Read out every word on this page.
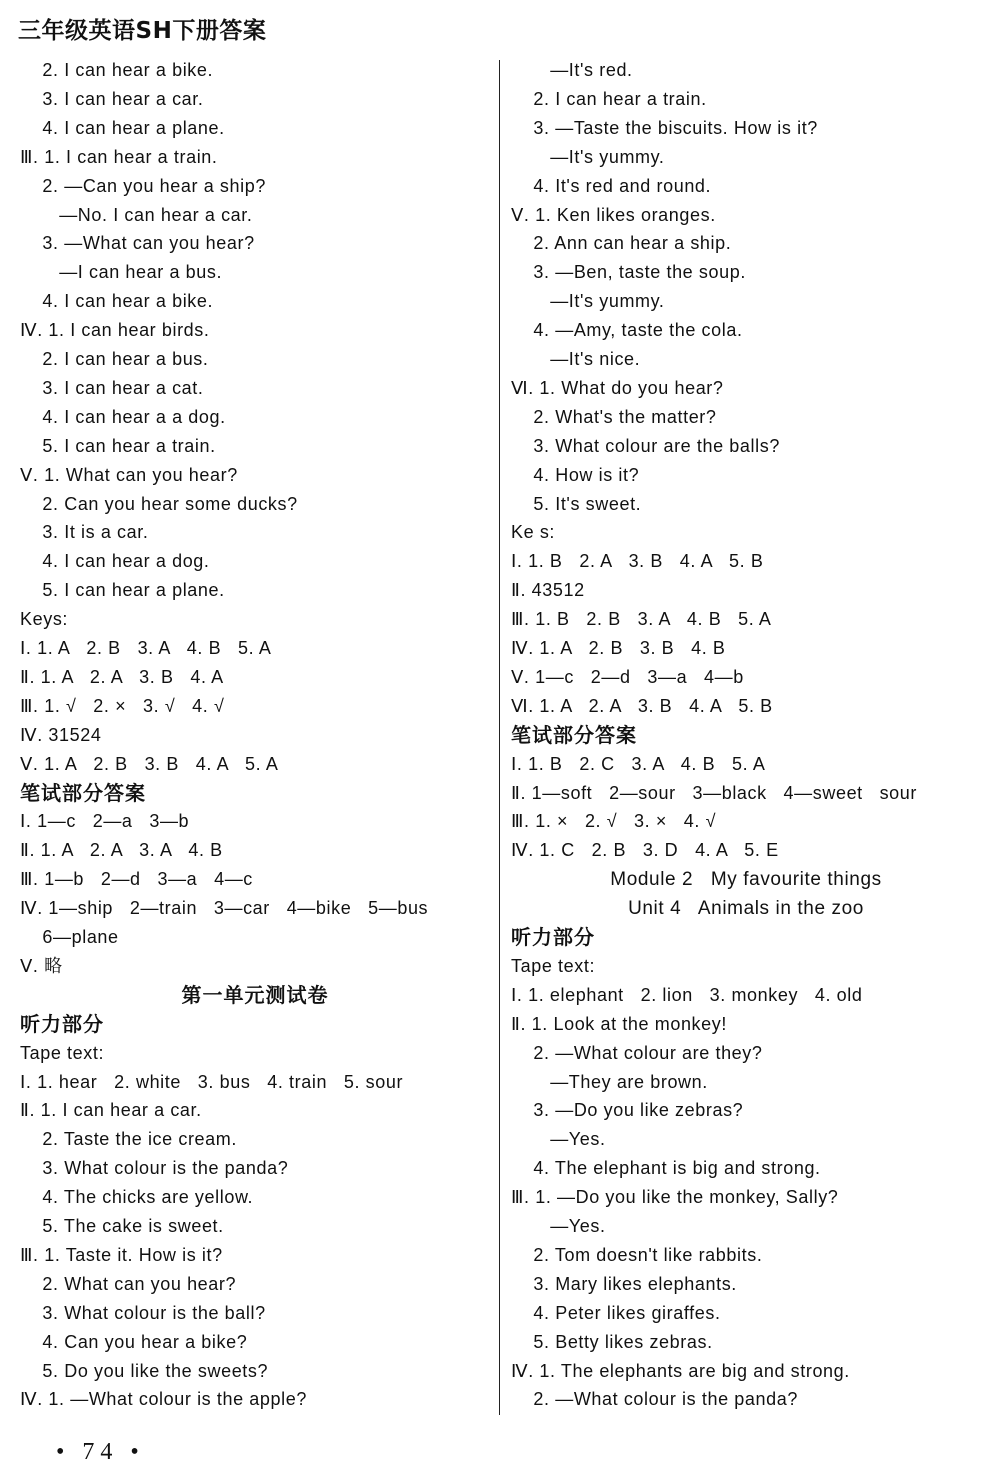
三年级英语SH下册答案
2. I can hear a bike.
3. I can hear a car.
4. I can hear a plane.
Ⅲ. 1. I can hear a train.
2. —Can you hear a ship?
—No. I can hear a car.
3. —What can you hear?
—I can hear a bus.
4. I can hear a bike.
Ⅳ. 1. I can hear birds.
2. I can hear a bus.
3. I can hear a cat.
4. I can hear a a dog.
5. I can hear a train.
Ⅴ. 1. What can you hear?
2. Can you hear some ducks?
3. It is a car.
4. I can hear a dog.
5. I can hear a plane.
Keys:
Ⅰ. 1. A   2. B   3. A   4. B   5. A
Ⅱ. 1. A   2. A   3. B   4. A
Ⅲ. 1. √   2. ×   3. √   4. √
Ⅳ. 31524
Ⅴ. 1. A   2. B   3. B   4. A   5. A
笔试部分答案
Ⅰ. 1—c   2—a   3—b
Ⅱ. 1. A   2. A   3. A   4. B
Ⅲ. 1—b   2—d   3—a   4—c
Ⅳ. 1—ship   2—train   3—car   4—bike   5—bus
6—plane
Ⅴ. 略
第一单元测试卷
听力部分
Tape text:
Ⅰ. 1. hear   2. white   3. bus   4. train   5. sour
Ⅱ. 1. I can hear a car.
2. Taste the ice cream.
3. What colour is the panda?
4. The chicks are yellow.
5. The cake is sweet.
Ⅲ. 1. Taste it. How is it?
2. What can you hear?
3. What colour is the ball?
4. Can you hear a bike?
5. Do you like the sweets?
Ⅳ. 1. —What colour is the apple?
—It's red.
2. I can hear a train.
3. —Taste the biscuits. How is it?
—It's yummy.
4. It's red and round.
Ⅴ. 1. Ken likes oranges.
2. Ann can hear a ship.
3. —Ben, taste the soup.
—It's yummy.
4. —Amy, taste the cola.
—It's nice.
Ⅵ. 1. What do you hear?
2. What's the matter?
3. What colour are the balls?
4. How is it?
5. It's sweet.
Ke s:
Ⅰ. 1. B   2. A   3. B   4. A   5. B
Ⅱ. 43512
Ⅲ. 1. B   2. B   3. A   4. B   5. A
Ⅳ. 1. A   2. B   3. B   4. B
Ⅴ. 1—c   2—d   3—a   4—b
Ⅵ. 1. A   2. A   3. B   4. A   5. B
笔试部分答案
Ⅰ. 1. B   2. C   3. A   4. B   5. A
Ⅱ. 1—soft   2—sour   3—black   4—sweet   sour
Ⅲ. 1. ×   2. √   3. ×   4. √
Ⅳ. 1. C   2. B   3. D   4. A   5. E
Module 2   My favourite things
Unit 4   Animals in the zoo
听力部分
Tape text:
Ⅰ. 1. elephant   2. lion   3. monkey   4. old
Ⅱ. 1. Look at the monkey!
2. —What colour are they?
—They are brown.
3. —Do you like zebras?
—Yes.
4. The elephant is big and strong.
Ⅲ. 1. —Do you like the monkey, Sally?
—Yes.
2. Tom doesn't like rabbits.
3. Mary likes elephants.
4. Peter likes giraffes.
5. Betty likes zebras.
Ⅳ. 1. The elephants are big and strong.
2. —What colour is the panda?
• 74 •
